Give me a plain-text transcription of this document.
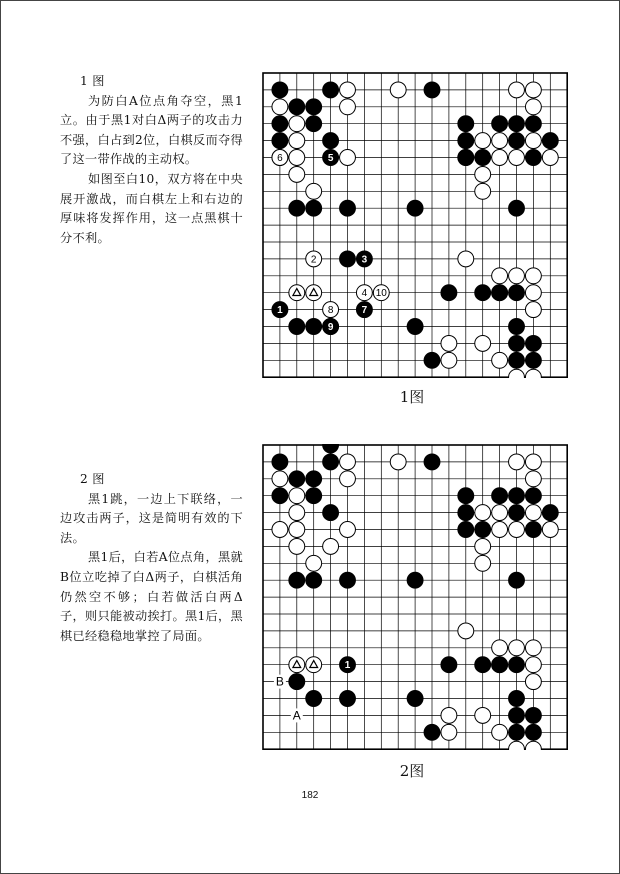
1 图
为防白A位点角夺空，黑1立。由于黑1对白Δ两子的攻击力不强，白占到2位，白棋反而夺得了这一带作战的主动权。
如图至白10，双方将在中央展开激战，而白棋左上和右边的厚味将发挥作用，这一点黑棋十分不利。
1
2	3
4
5
6
7
8
9
10
1图
2 图
黑1跳，一边上下联络，一边攻击两子，这是简明有效的下法。
黑1后，白若A位点角，黑就B位立吃掉了白Δ两子，白棋活角仍然空不够；白若做活白两Δ子，则只能被动挨打。黑1后，黑棋已经稳稳地掌控了局面。
1
B
A
2图
182
